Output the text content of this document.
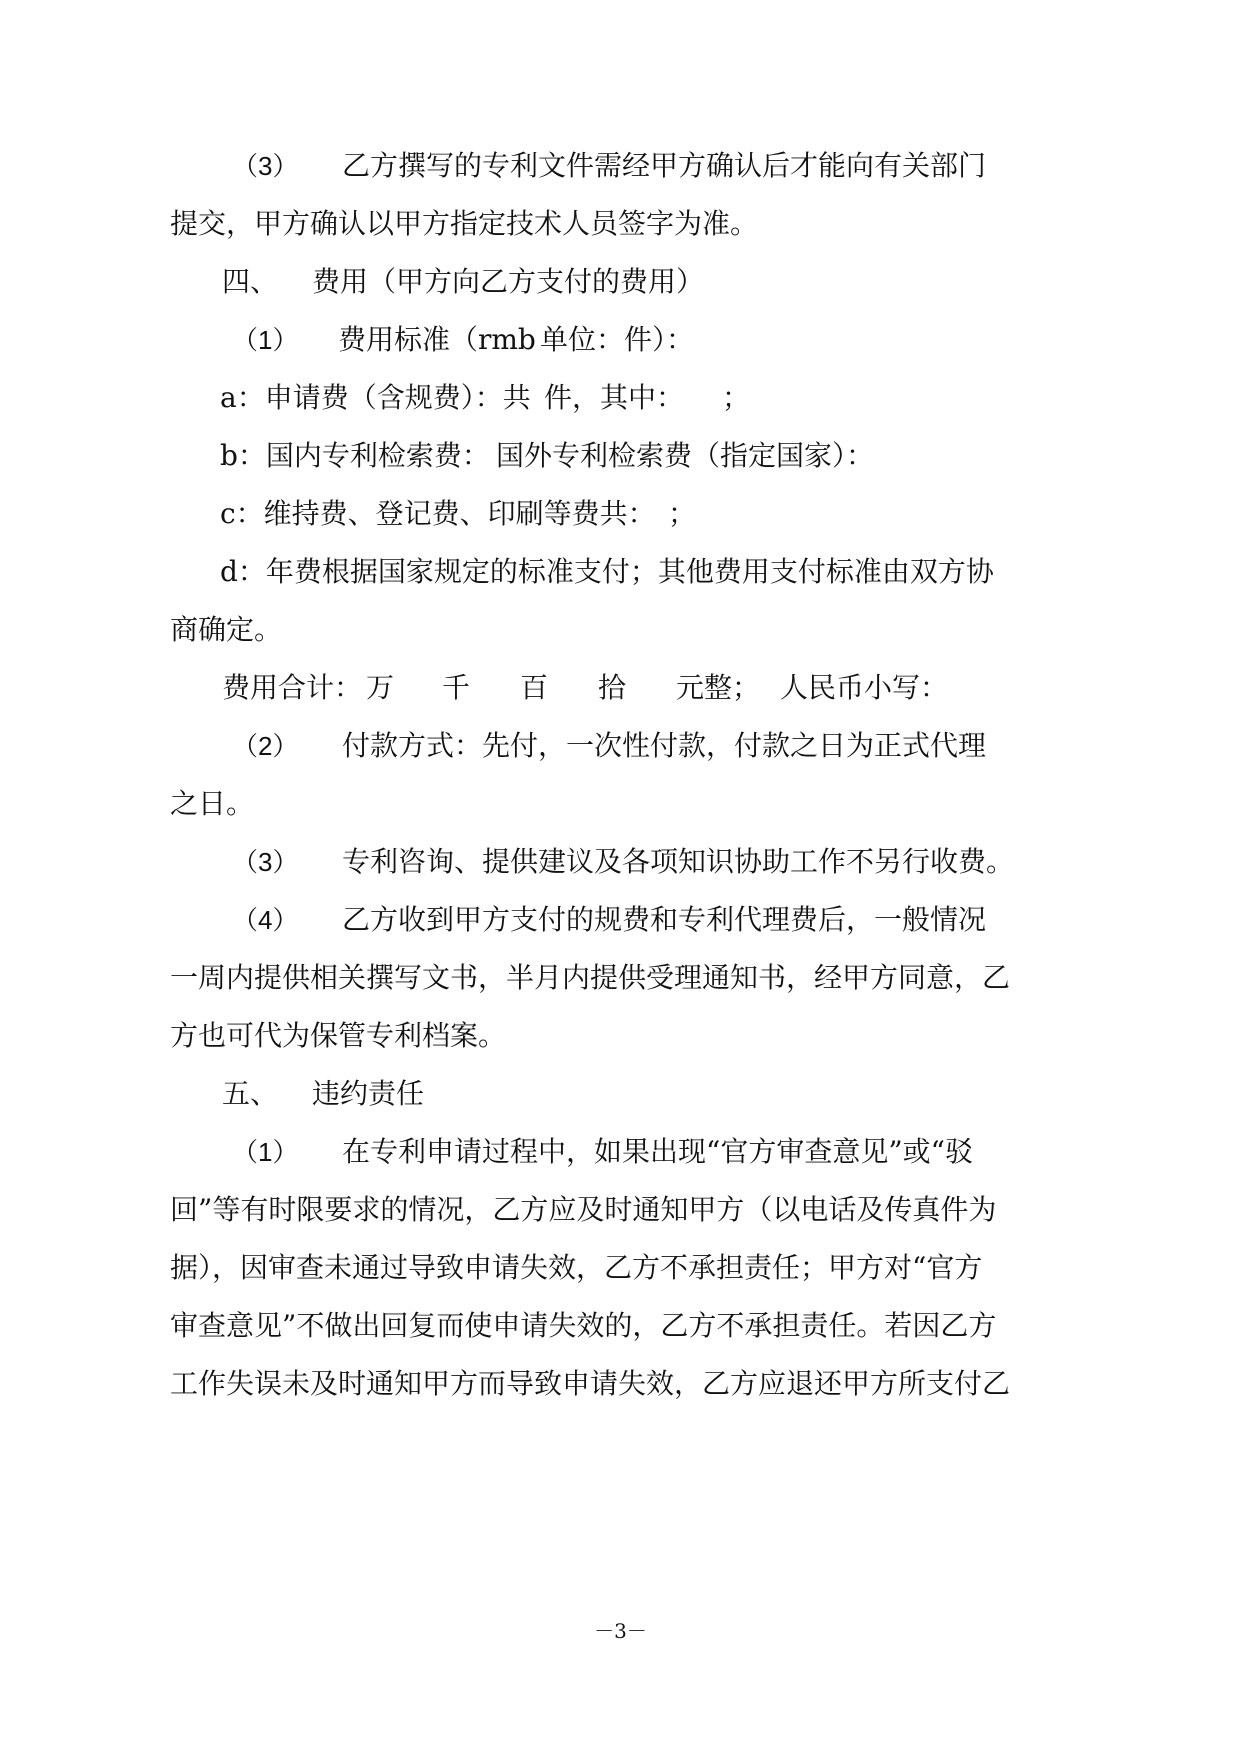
（3）

乙方撰写的专利文件需经甲方确认后才能向有关部门

提交，甲方确认以甲方指定技术人员签字为准。

四、

费用（甲方向乙方支付的费用）

（1）

费用标准（rmb

单位：件）：

a：申请费（含规费）：共

件，其中：

；

b：国内专利检索费：

国外专利检索费（指定国家）：

c：维持费、登记费、印刷等费共：

；

d：年费根据国家规定的标准支付；其他费用支付标准由双方协

商确定。

费用合计：

万

千

百

拾

元整；

人民币小写：

（2）

付款方式：先付，一次性付款，付款之日为正式代理

之日。

（3）

专利咨询、提供建议及各项知识协助工作不另行收费。

（4）

乙方收到甲方支付的规费和专利代理费后，一般情况

一周内提供相关撰写文书，半月内提供受理通知书，经甲方同意，乙

方也可代为保管专利档案。

五、

违约责任

（1）

在专利申请过程中，如果出现“官方审查意见”或“驳

回”等有时限要求的情况，乙方应及时通知甲方（以电话及传真件为

据），因审查未通过导致申请失效，乙方不承担责任；甲方对“官方

审查意见”不做出回复而使申请失效的，乙方不承担责任。若因乙方

工作失误未及时通知甲方而导致申请失效，乙方应退还甲方所支付乙

－3－
